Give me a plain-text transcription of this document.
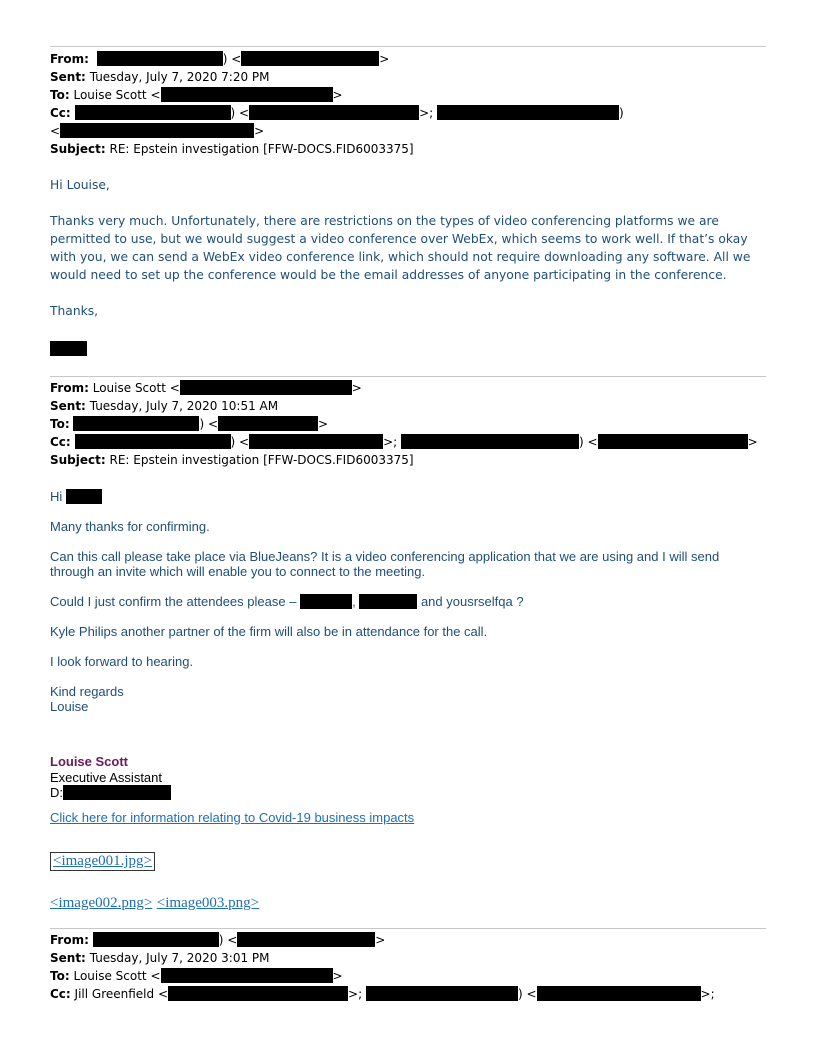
From:	) <	>
Sent: Tuesday, July 7, 2020 7:20 PM
To: Louise Scott <	>
Cc:	) <	>;	)
<	>
Subject: RE: Epstein investigation [FFW-DOCS.FID6003375]
Hi Louise,
Thanks very much. Unfortunately, there are restrictions on the types of video conferencing platforms we are permitted to use, but we would suggest a video conference over WebEx, which seems to work well. If that’s okay with you, we can send a WebEx video conference link, which should not require downloading any software. All we would need to set up the conference would be the email addresses of anyone participating in the conference.
Thanks,
From: Louise Scott <	>
Sent: Tuesday, July 7, 2020 10:51 AM
To:	) <	>
Cc:	) <	>;	) <	>
Subject: RE: Epstein investigation [FFW-DOCS.FID6003375]
Hi
Many thanks for confirming.
Can this call please take place via BlueJeans? It is a video conferencing application that we are using and I will send through an invite which will enable you to connect to the meeting.
Could I just confirm the attendees please –	,	and yousrselfqa ?
Kyle Philips another partner of the firm will also be in attendance for the call.
I look forward to hearing.
Kind regards
Louise
Louise Scott
Executive Assistant
D:
Click here for information relating to Covid-19 business impacts
<image001.jpg>
<image002.png> <image003.png>
From:	) <	>
Sent: Tuesday, July 7, 2020 3:01 PM
To: Louise Scott <	>
Cc: Jill Greenfield <	>;	) <	>;
